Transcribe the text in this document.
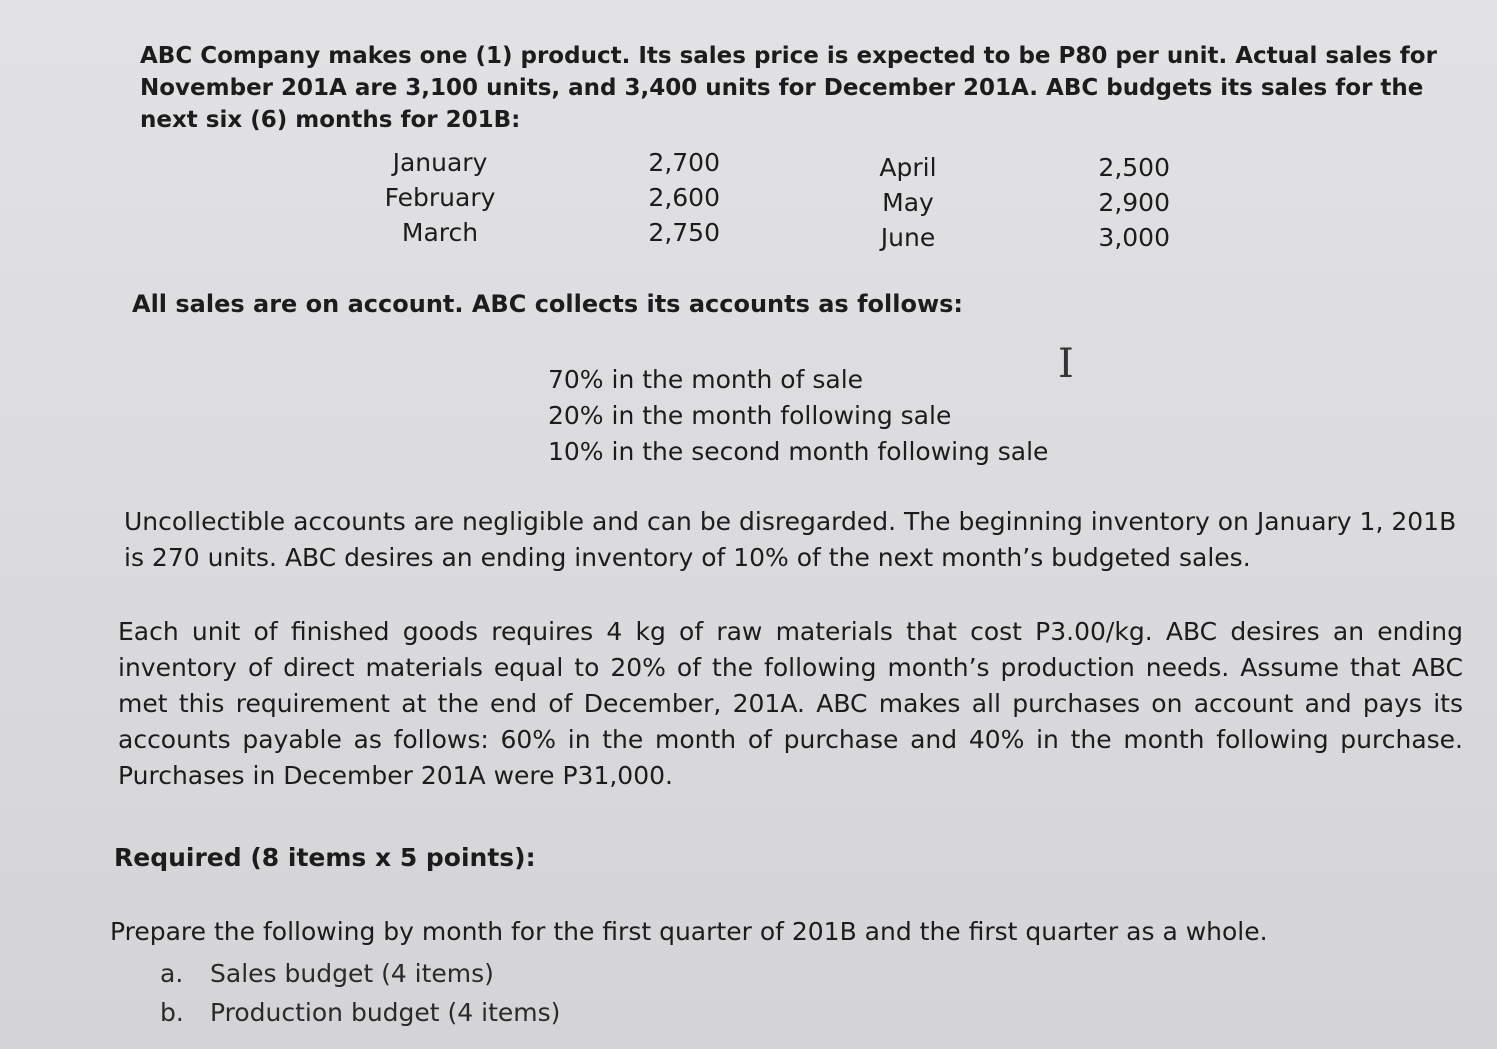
ABC Company makes one (1) product. Its sales price is expected to be P80 per unit. Actual sales for November 201A are 3,100 units, and 3,400 units for December 201A. ABC budgets its sales for the next six (6) months for 201B:
January	2,700
February	2,600
March	2,750
April	2,500
May	2,900
June	3,000
All sales are on account. ABC collects its accounts as follows:
70% in the month of sale
20% in the month following sale
10% in the second month following sale
I
Uncollectible accounts are negligible and can be disregarded. The beginning inventory on January 1, 201B is 270 units. ABC desires an ending inventory of 10% of the next month’s budgeted sales.
Each unit of finished goods requires 4 kg of raw materials that cost P3.00/kg. ABC desires an ending inventory of direct materials equal to 20% of the following month’s production needs. Assume that ABC met this requirement at the end of December, 201A. ABC makes all purchases on account and pays its accounts payable as follows: 60% in the month of purchase and 40% in the month following purchase. Purchases in December 201A were P31,000.
Required (8 items x 5 points):
Prepare the following by month for the first quarter of 201B and the first quarter as a whole.
a. Sales budget (4 items)
b. Production budget (4 items)
